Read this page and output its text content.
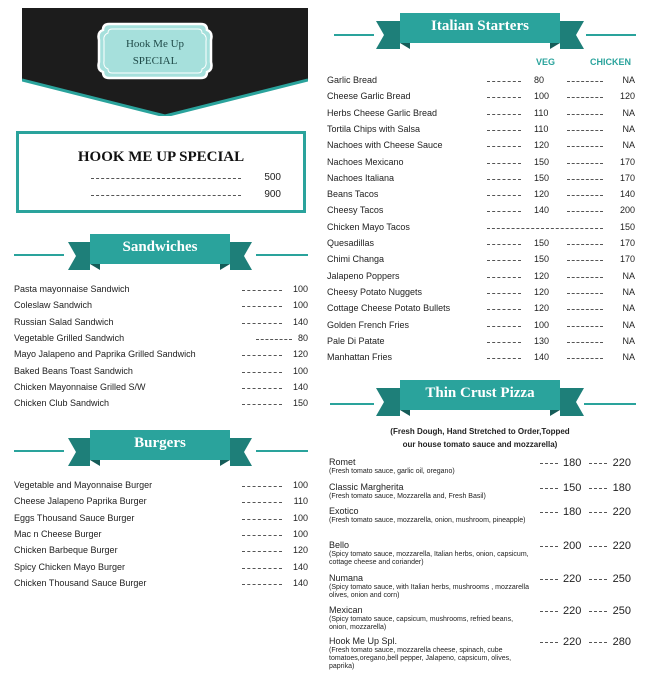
Hook Me Up
SPECIAL
HOOK ME UP SPECIAL
500
900
Sandwiches
Pasta mayonnaise Sandwich	100
Coleslaw Sandwich	100
Russian Salad Sandwich	140
Vegetable Grilled Sandwich	80
Mayo Jalapeno and Paprika Grilled Sandwich	120
Baked Beans Toast Sandwich	100
Chicken Mayonnaise Grilled S/W	140
Chicken Club Sandwich	150
Burgers
Vegetable and Mayonnaise Burger	100
Cheese Jalapeno Paprika Burger	110
Eggs Thousand Sauce Burger	100
Mac n Cheese Burger	100
Chicken Barbeque Burger	120
Spicy Chicken Mayo Burger	140
Chicken Thousand Sauce Burger	140
Italian Starters
VEG	CHICKEN
Garlic Bread	80	NA
Cheese Garlic Bread	100	120
Herbs Cheese Garlic Bread	110	NA
Tortila Chips with Salsa	110	NA
Nachoes with Cheese Sauce	120	NA
Nachoes Mexicano	150	170
Nachoes Italiana	150	170
Beans Tacos	120	140
Cheesy Tacos	140	200
Chicken Mayo Tacos	150
Quesadillas	150	170
Chimi Changa	150	170
Jalapeno Poppers	120	NA
Cheesy Potato Nuggets	120	NA
Cottage Cheese Potato Bullets	120	NA
Golden French Fries	100	NA
Pale Di Patate	130	NA
Manhattan Fries	140	NA
Thin Crust Pizza
(Fresh Dough, Hand Stretched to Order,Topped
our house tomato sauce and mozzarella)
Romet
(Fresh tomato sauce, garlic oil, oregano)
180	220
Classic Margherita
(Fresh tomato sauce, Mozzarella and, Fresh Basil)
150	180
Exotico
(Fresh tomato sauce, mozzarella, onion, mushroom, pineapple)
180	220
Bello
(Spicy tomato sauce, mozzarella, Italian herbs, onion, capsicum, cottage cheese and coriander)
200	220
Numana
(Spicy tomato sauce, with Italian herbs, mushrooms , mozzarella olives, onion and corn)
220	250
Mexican
(Spicy tomato sauce, capsicum, mushrooms, refried beans, onion, mozzarella)
220	250
Hook Me Up Spl.
(Fresh tomato sauce, mozzarella cheese, spinach, cube tomatoes,oregano,bell pepper, Jalapeno, capsicum, olives, paprika)
220	280
